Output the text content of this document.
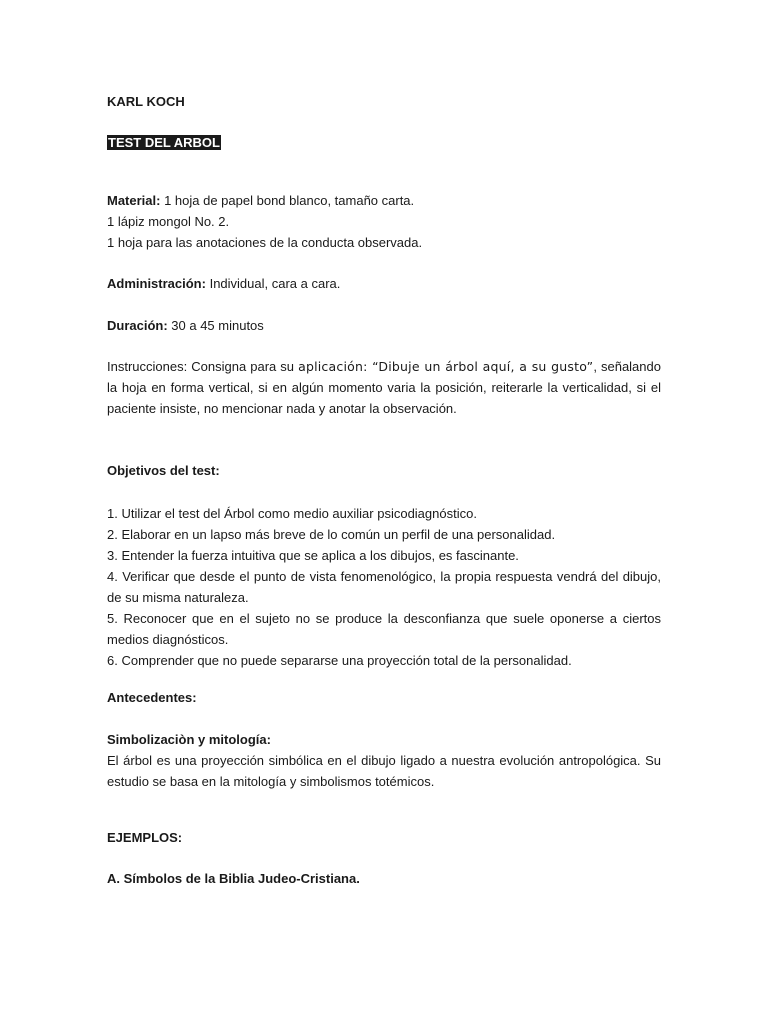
KARL KOCH
TEST DEL ARBOL
Material: 1 hoja de papel bond blanco, tamaño carta.
1 lápiz mongol No. 2.
1 hoja para las anotaciones de la conducta observada.
Administración: Individual, cara a cara.
Duración: 30 a 45 minutos
Instrucciones: Consigna para su aplicación: “Dibuje un árbol aquí, a su gusto”, señalando la hoja en forma vertical, si en algún momento varia la posición, reiterarle la verticalidad, si el paciente insiste, no mencionar nada y anotar la observación.
Objetivos del test:
1. Utilizar el test del Árbol como medio auxiliar psicodiagnóstico.
2. Elaborar en un lapso más breve de lo común un perfil de una personalidad.
3. Entender la fuerza intuitiva que se aplica a los dibujos, es fascinante.
4. Verificar que desde el punto de vista fenomenológico, la propia respuesta vendrá del dibujo, de su misma naturaleza.
5. Reconocer que en el sujeto no se produce la desconfianza que suele oponerse a ciertos medios diagnósticos.
6. Comprender que no puede separarse una proyección total de la personalidad.
Antecedentes:
Simbolizaciòn y mitología:
El árbol es una proyección simbólica en el dibujo ligado a nuestra evolución antropológica. Su estudio se basa en la mitología y simbolismos totémicos.
EJEMPLOS:
A. Símbolos de la Biblia Judeo-Cristiana.
